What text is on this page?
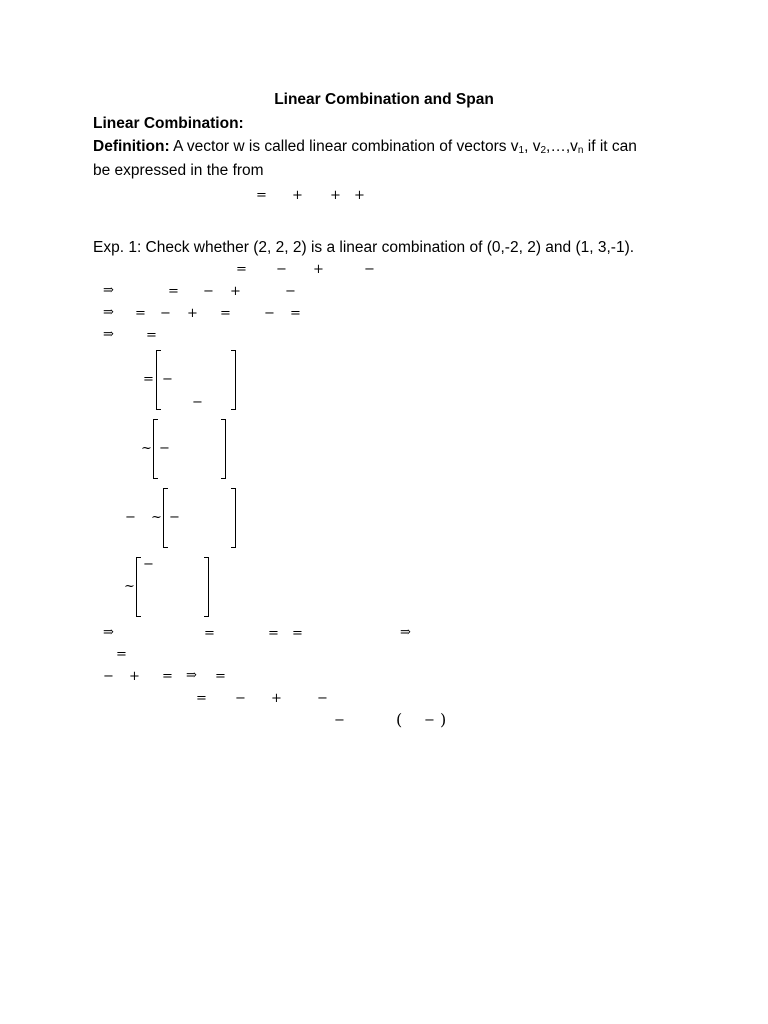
Linear Combination and Span
Linear Combination:
Definition: A vector w is called linear combination of vectors $v_1$, $v_2,\dots,v_n$ if it can
be expressed in the from
= + + +
Exp. 1: Check whether (2, 2, 2) is a linear combination of (0,-2, 2) and (1, 3,-1).
= − +	−
⇒	= − +	−
⇒ = − + =	− =
⇒ =
= −
−
~ −
− ~ −
~
−
⇒	=	= =	⇒
=
− + = ⇒ =
= − +	−
−	( − )
